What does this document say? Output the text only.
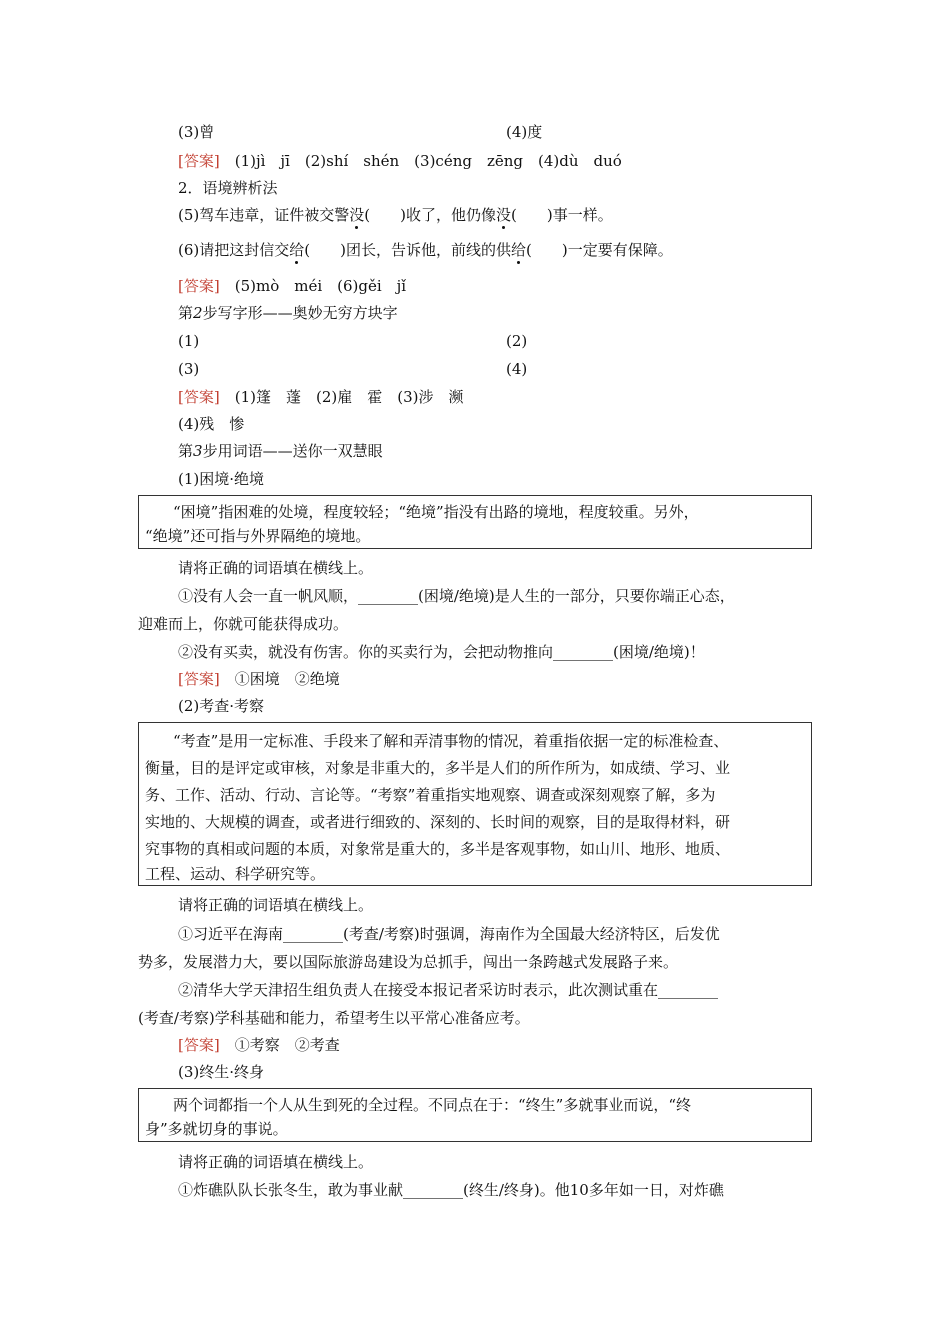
(3)曾	(4)度
[答案]　 (1)jì　jī　(2)shí　shén　(3)céng　zēng　(4)dù　duó
2．语境辨析法
(5)驾车违章，证件被交警没(　　)收了，他仍像没(　　)事一样。
(6)请把这封信交给(　　)团长，告诉他，前线的供给(　　)一定要有保障。
[答案]　 (5)mò　méi　(6)gěi　jǐ
第2步写字形——奥妙无穷方块字
(1)	(2)
(3)	(4)
[答案]　 (1)篷　蓬　(2)雇　霍　(3)涉　濒
(4)残　惨
第3步用词语——送你一双慧眼
(1)困境·绝境
“困境”指困难的处境，程度较轻；“绝境”指没有出路的境地，程度较重。另外，
“绝境”还可指与外界隔绝的境地。
请将正确的词语填在横线上。
①没有人会一直一帆风顺，________(困境/绝境)是人生的一部分，只要你端正心态，
迎难而上，你就可能获得成功。
②没有买卖，就没有伤害。你的买卖行为，会把动物推向________(困境/绝境)！
[答案]　 ①困境　②绝境
(2)考查·考察
“考查”是用一定标准、手段来了解和弄清事物的情况，着重指依据一定的标准检查、
衡量，目的是评定或审核，对象是非重大的，多半是人们的所作所为，如成绩、学习、业
务、工作、活动、行动、言论等。“考察”着重指实地观察、调查或深刻观察了解，多为
实地的、大规模的调查，或者进行细致的、深刻的、长时间的观察，目的是取得材料，研
究事物的真相或问题的本质，对象常是重大的，多半是客观事物，如山川、地形、地质、
工程、运动、科学研究等。
请将正确的词语填在横线上。
①习近平在海南________(考查/考察)时强调，海南作为全国最大经济特区，后发优
势多，发展潜力大，要以国际旅游岛建设为总抓手，闯出一条跨越式发展路子来。
②清华大学天津招生组负责人在接受本报记者采访时表示，此次测试重在________
(考查/考察)学科基础和能力，希望考生以平常心准备应考。
[答案]　 ①考察　②考查
(3)终生·终身
两个词都指一个人从生到死的全过程。不同点在于：“终生”多就事业而说，“终
身”多就切身的事说。
请将正确的词语填在横线上。
①炸礁队队长张冬生，敢为事业献________(终生/终身)。他10多年如一日，对炸礁
